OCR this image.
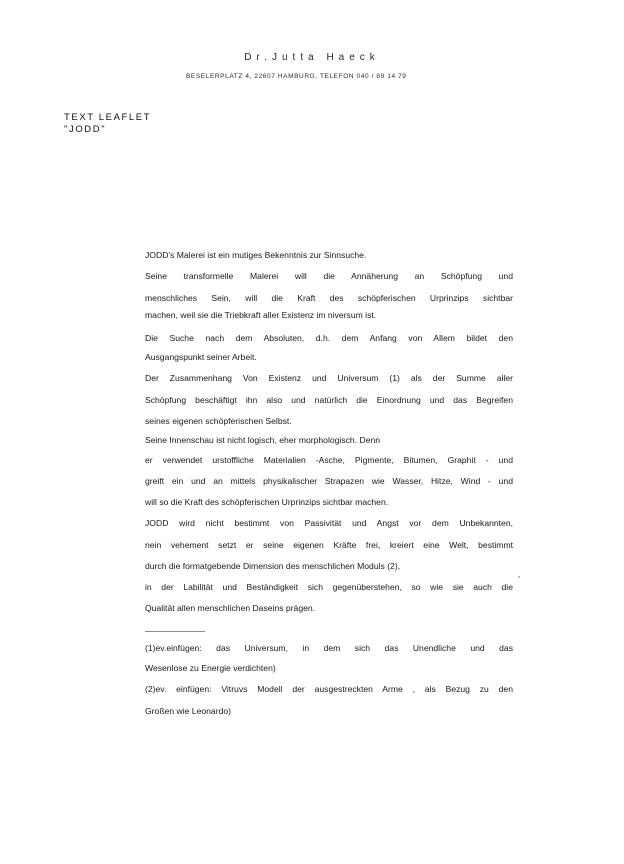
Dr.Jutta Haeck
BESELERPLATZ 4, 22607 HAMBURG, TELEFON 040 / 89 14 79
TEXT LEAFLET
"JODD"
JODD's Malerei ist ein mutiges Bekenntnis zur Sinnsuche.
Seine transformelle Malerei will die Annäherung an Schöpfung und
menschliches Sein, will die Kraft des schöpferischen Urprinzips sichtbar
machen, weil sie die Triebkraft aller Existenz im niversum ist.
Die Suche nach dem Absoluten, d.h. dem Anfang von Allem bildet den
Ausgangspunkt seiner Arbeit.
Der Zusammenhang Von Existenz und Universum (1) als der Summe aller
Schöpfung beschäftigt ihn also und natürlich die Einordnung und das Begreifen
seines eigenen schöpferischen Selbst.
Seine Innenschau ist nicht logisch, eher morphologisch. Denn
er verwendet urstoffliche Materialien -Asche, Pigmente, Bitumen, Graphit - und
greift ein und an mittels physikalischer Strapazen wie Wasser, Hitze, Wind - und
will so die Kraft des schöpferischen Urprinzips sichtbar machen.
JODD wird nicht bestimmt von Passivität und Angst vor dem Unbekannten,
nein vehement setzt er seine eigenen Kräfte frei, kreiert eine Welt, bestimmt
durch die formatgebende Dimension des menschlichen Moduls (2),
in der Labilität und Beständigkeit sich gegenüberstehen, so wie sie auch die
Qualität allen menschlichen Daseins prägen.
(1)ev.einfügen: das Universum, in dem sich das Unendliche und das
Wesenlose zu Energie verdichten)
(2)ev. einfügen: Vitruvs Modell der ausgestreckten Arme , als Bezug zu den
Großen wie Leonardo)
